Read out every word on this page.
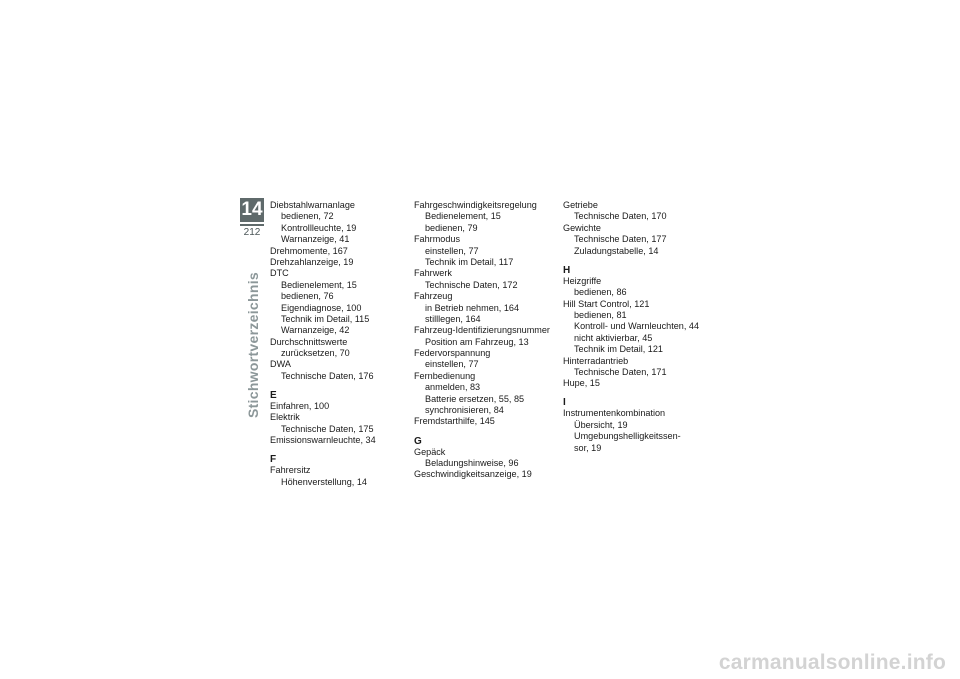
14
212
Stichwortverzeichnis
Diebstahlwarnanlage
bedienen, 72
Kontrollleuchte, 19
Warnanzeige, 41
Drehmomente, 167
Drehzahlanzeige, 19
DTC
Bedienelement, 15
bedienen, 76
Eigendiagnose, 100
Technik im Detail, 115
Warnanzeige, 42
Durchschnittswerte
zurücksetzen, 70
DWA
Technische Daten, 176
E
Einfahren, 100
Elektrik
Technische Daten, 175
Emissionswarnleuchte, 34
F
Fahrersitz
Höhenverstellung, 14
Fahrgeschwindigkeitsregelung
Bedienelement, 15
bedienen, 79
Fahrmodus
einstellen, 77
Technik im Detail, 117
Fahrwerk
Technische Daten, 172
Fahrzeug
in Betrieb nehmen, 164
stilllegen, 164
Fahrzeug-Identifizierungsnummer
Position am Fahrzeug, 13
Federvorspannung
einstellen, 77
Fernbedienung
anmelden, 83
Batterie ersetzen, 55, 85
synchronisieren, 84
Fremdstarthilfe, 145
G
Gepäck
Beladungshinweise, 96
Geschwindigkeitsanzeige, 19
Getriebe
Technische Daten, 170
Gewichte
Technische Daten, 177
Zuladungstabelle, 14
H
Heizgriffe
bedienen, 86
Hill Start Control, 121
bedienen, 81
Kontroll- und Warnleuchten, 44
nicht aktivierbar, 45
Technik im Detail, 121
Hinterradantrieb
Technische Daten, 171
Hupe, 15
I
Instrumentenkombination
Übersicht, 19
Umgebungshelligkeitssen-
sor, 19
carmanualsonline.info
